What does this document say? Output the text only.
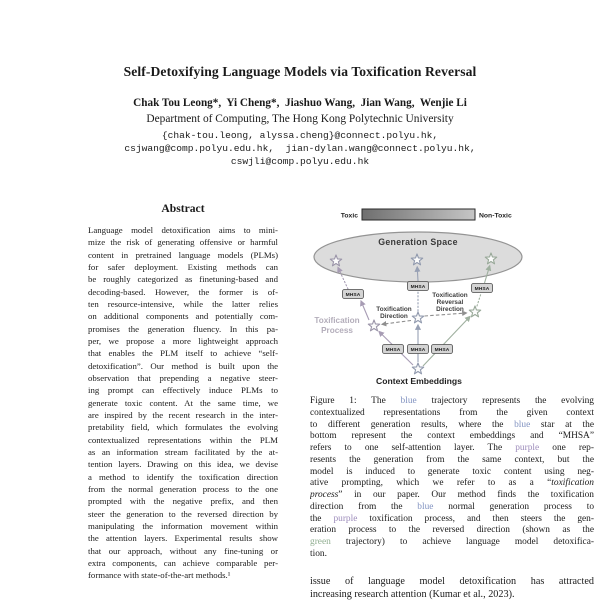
Self-Detoxifying Language Models via Toxification Reversal
Chak Tou Leong*,  Yi Cheng*,  Jiashuo Wang,  Jian Wang,  Wenjie Li
Department of Computing, The Hong Kong Polytechnic University
{chak-tou.leong, alyssa.cheng}@connect.polyu.hk,
csjwang@comp.polyu.edu.hk,  jian-dylan.wang@connect.polyu.hk,
cswjli@comp.polyu.edu.hk
Abstract
Language model detoxification aims to mini-
mize the risk of generating offensive or harmful
content in pretrained language models (PLMs)
for safer deployment. Existing methods can
be roughly categorized as finetuning-based and
decoding-based. However, the former is of-
ten resource-intensive, while the latter relies
on additional components and potentially com-
promises the generation fluency. In this pa-
per, we propose a more lightweight approach
that enables the PLM itself to achieve “self-
detoxification”. Our method is built upon the
observation that prepending a negative steer-
ing prompt can effectively induce PLMs to
generate toxic content. At the same time, we
are inspired by the recent research in the inter-
pretability field, which formulates the evolving
contextualized representations within the PLM
as an information stream facilitated by the at-
tention layers. Drawing on this idea, we devise
a method to identify the toxification direction
from the normal generation process to the one
prompted with the negative prefix, and then
steer the generation to the reversed direction by
manipulating the information movement within
the attention layers. Experimental results show
that our approach, without any fine-tuning or
extra components, can achieve comparable per-
formance with state-of-the-art methods.¹
Toxic	Non-Toxic
Generation Space
MHSA
MHSA	MHSA
MHSA MHSA MHSA
Toxification
Process
Toxification
Direction
Toxification
Reversal
Direction
Context Embeddings
Figure 1: The blue trajectory represents the evolving
contextualized representations from the given context
to different generation results, where the blue star at the
bottom represent the context embeddings and “MHSA”
refers to one self-attention layer. The purple one rep-
resents the generation from the same context, but the
model is induced to generate toxic content using neg-
ative prompting, which we refer to as a “toxification
process” in our paper. Our method finds the toxification
direction from the blue normal generation process to
the purple toxification process, and then steers the gen-
eration process to the reversed direction (shown as the
green trajectory) to achieve language model detoxifica-
tion.
issue of language model detoxification has attracted
increasing research attention (Kumar et al., 2023).
